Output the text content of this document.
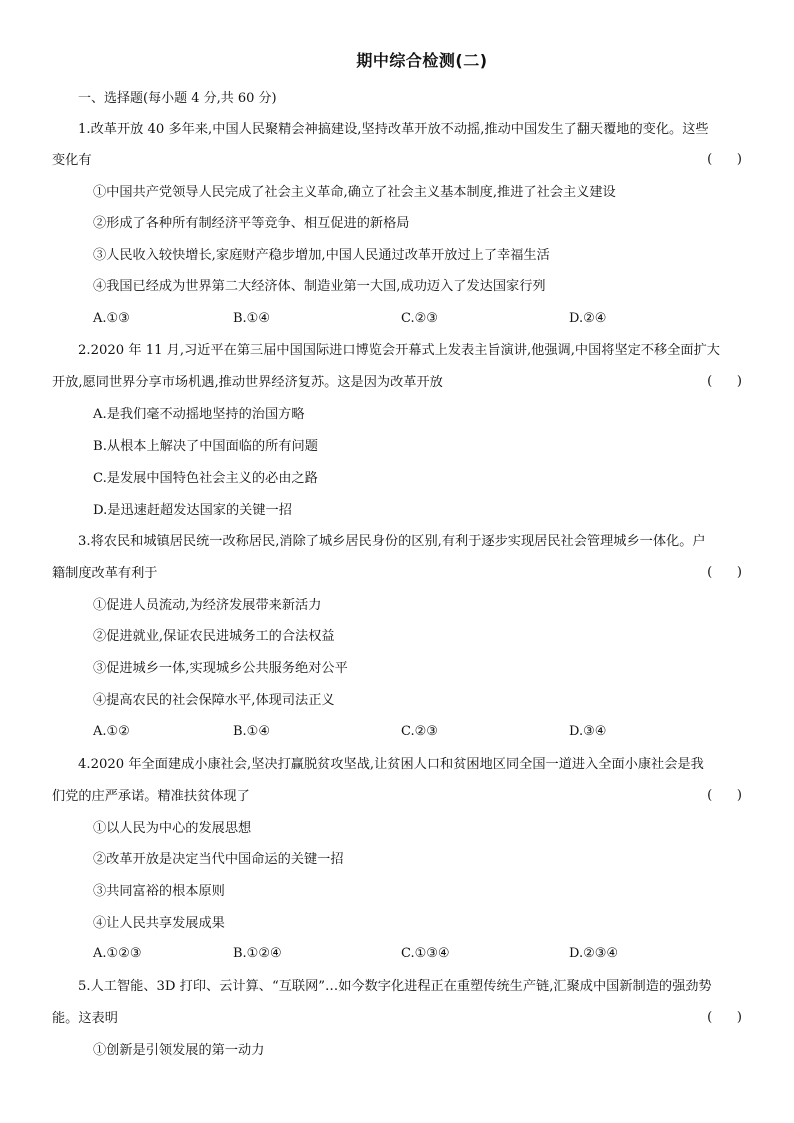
期中综合检测(二)
一、选择题(每小题 4 分,共 60 分)
1.改革开放 40 多年来,中国人民聚精会神搞建设,坚持改革开放不动摇,推动中国发生了翻天覆地的变化。这些
变化有	(      )
①中国共产党领导人民完成了社会主义革命,确立了社会主义基本制度,推进了社会主义建设
②形成了各种所有制经济平等竞争、相互促进的新格局
③人民收入较快增长,家庭财产稳步增加,中国人民通过改革开放过上了幸福生活
④我国已经成为世界第二大经济体、制造业第一大国,成功迈入了发达国家行列
A.①③	B.①④	C.②③	D.②④
2.2020 年 11 月,习近平在第三届中国国际进口博览会开幕式上发表主旨演讲,他强调,中国将坚定不移全面扩大
开放,愿同世界分享市场机遇,推动世界经济复苏。这是因为改革开放	(      )
A.是我们毫不动摇地坚持的治国方略
B.从根本上解决了中国面临的所有问题
C.是发展中国特色社会主义的必由之路
D.是迅速赶超发达国家的关键一招
3.将农民和城镇居民统一改称居民,消除了城乡居民身份的区别,有利于逐步实现居民社会管理城乡一体化。户
籍制度改革有利于	(      )
①促进人员流动,为经济发展带来新活力
②促进就业,保证农民进城务工的合法权益
③促进城乡一体,实现城乡公共服务绝对公平
④提高农民的社会保障水平,体现司法正义
A.①②	B.①④	C.②③	D.③④
4.2020 年全面建成小康社会,坚决打赢脱贫攻坚战,让贫困人口和贫困地区同全国一道进入全面小康社会是我
们党的庄严承诺。精准扶贫体现了	(      )
①以人民为中心的发展思想
②改革开放是决定当代中国命运的关键一招
③共同富裕的根本原则
④让人民共享发展成果
A.①②③	B.①②④	C.①③④	D.②③④
5.人工智能、3D 打印、云计算、“互联网”…如今数字化进程正在重塑传统生产链,汇聚成中国新制造的强劲势
能。这表明	(      )
①创新是引领发展的第一动力
